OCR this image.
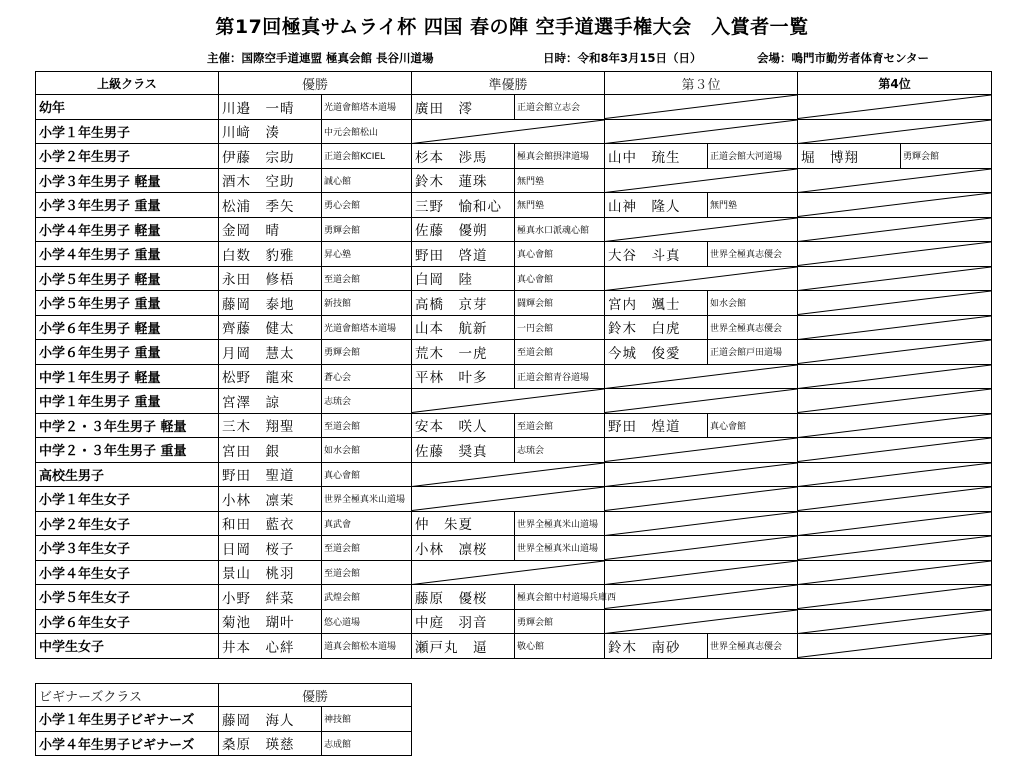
第17回極真サムライ杯 四国 春の陣 空手道選手権大会　入賞者一覧
主催：国際空手道連盟 極真会館 長谷川道場	日時：令和8年3月15日（日）	会場：鳴門市勤労者体育センター
上級クラス	優勝		準優勝		第３位		第4位	
幼年	川邉　一晴	光道會館塔本道場	廣田　澪	正道会館立志会	

小学１年生男子	川﨑　湊	中元会館松山	

小学２年生男子	伊藤　宗助	正道会館KCIEL	杉本　渉馬	極真会館摂津道場	山中　琉生	正道会館大河道場	堀　博翔	勇輝会館
小学３年生男子 軽量	酒木　空助	誠心館	鈴木　蓮珠	無門塾	

小学３年生男子 重量	松浦　季矢	勇心会館	三野　愉和心	無門塾	山神　隆人	無門塾	

小学４年生男子 軽量	金岡　晴	勇輝会館	佐藤　優朔	極真水口派魂心館	

小学４年生男子 重量	白数　豹雅	昇心塾	野田　啓道	真心會館	大谷　斗真	世界全極真志優会	

小学５年生男子 軽量	永田　修梧	至道会館	白岡　陸	真心會館	

小学５年生男子 重量	藤岡　泰地	新技館	高橋　京芽	闘輝会館	宮内　颯士	如水会館	

小学６年生男子 軽量	齊藤　健太	光道會館塔本道場	山本　航新	一円会館	鈴木　白虎	世界全極真志優会	

小学６年生男子 重量	月岡　慧太	勇輝会館	荒木　一虎	至道会館	今城　俊愛	正道会館戸田道場	

中学１年生男子 軽量	松野　龍來	蒼心会	平林　叶多	正道会館青谷道場	

中学１年生男子 重量	宮澤　諒	志琉会	

中学２・３年生男子 軽量	三木　翔聖	至道会館	安本　咲人	至道会館	野田　煌道	真心會館	

中学２・３年生男子 重量	宮田　銀	如水会館	佐藤　奨真	志琉会	

高校生男子	野田　聖道	真心會館	

小学１年生女子	小林　凛茉	世界全極真米山道場	

小学２年生女子	和田　藍衣	真武會	仲　朱夏	世界全極真米山道場	

小学３年生女子	日岡　桜子	至道会館	小林　凛桜	世界全極真米山道場	

小学４年生女子	景山　桃羽	至道会館	

小学５年生女子	小野　絆菜	武煌会館	藤原　優桜	極真会館中村道場兵庫西	

小学６年生女子	菊池　瑚叶	悠心道場	中庭　羽音	勇輝会館	

中学生女子	井本　心絆	道真会館松本道場	瀬戸丸　逼	敬心館	鈴木　南砂	世界全極真志優会	
ビギナーズクラス	優勝	
小学１年生男子ビギナーズ	藤岡　海人	神技館
小学４年生男子ビギナーズ	桑原　瑛慈	志成館
